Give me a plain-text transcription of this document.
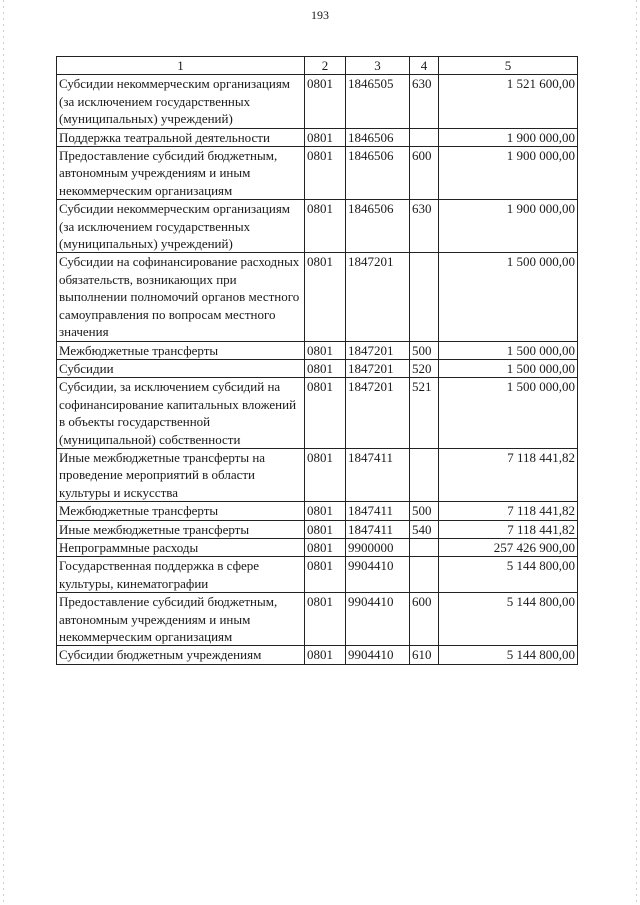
193
1	2	3	4	5
Субсидии некоммерческим организациям (за исключением государственных (муниципальных) учреждений)	0801	1846505	630	1 521 600,00
Поддержка театральной деятельности	0801	1846506		1 900 000,00
Предоставление субсидий бюджетным, автономным учреждениям и иным некоммерческим организациям	0801	1846506	600	1 900 000,00
Субсидии некоммерческим организациям (за исключением государственных (муниципальных) учреждений)	0801	1846506	630	1 900 000,00
Субсидии на софинансирование расходных обязательств, возникающих при выполнении полномочий органов местного самоуправления по вопросам местного значения	0801	1847201		1 500 000,00
Межбюджетные трансферты	0801	1847201	500	1 500 000,00
Субсидии	0801	1847201	520	1 500 000,00
Субсидии, за исключением субсидий на софинансирование капитальных вложений в объекты государственной (муниципальной) собственности	0801	1847201	521	1 500 000,00
Иные межбюджетные трансферты на проведение мероприятий в области культуры и искусства	0801	1847411		7 118 441,82
Межбюджетные трансферты	0801	1847411	500	7 118 441,82
Иные межбюджетные трансферты	0801	1847411	540	7 118 441,82
Непрограммные расходы	0801	9900000		257 426 900,00
Государственная поддержка в сфере культуры, кинематографии	0801	9904410		5 144 800,00
Предоставление субсидий бюджетным, автономным учреждениям и иным некоммерческим организациям	0801	9904410	600	5 144 800,00
Субсидии бюджетным учреждениям	0801	9904410	610	5 144 800,00
